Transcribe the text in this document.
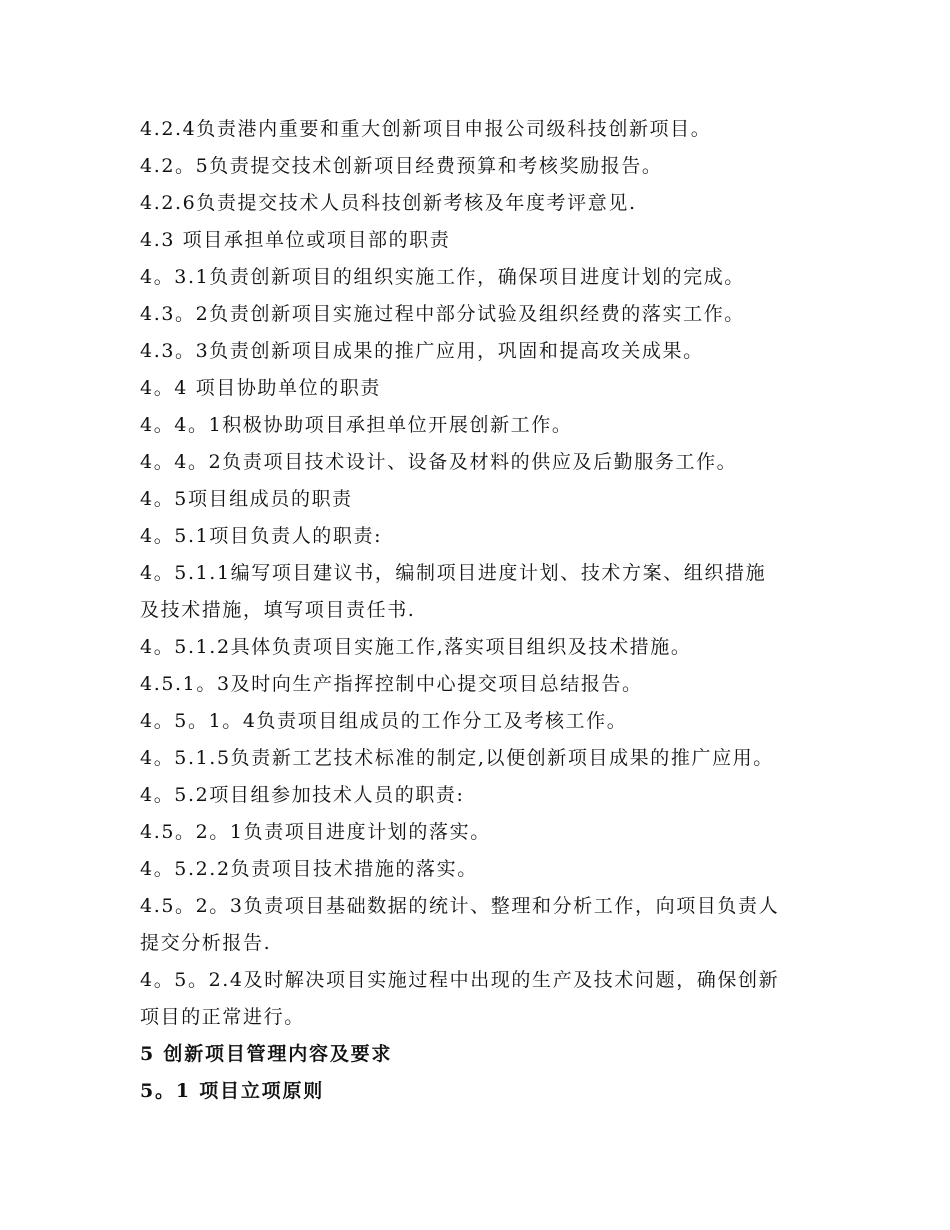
4.2.4负责港内重要和重大创新项目申报公司级科技创新项目。
4.2。5负责提交技术创新项目经费预算和考核奖励报告。
4.2.6负责提交技术人员科技创新考核及年度考评意见.
4.3 项目承担单位或项目部的职责
4。3.1负责创新项目的组织实施工作，确保项目进度计划的完成。
4.3。2负责创新项目实施过程中部分试验及组织经费的落实工作。
4.3。3负责创新项目成果的推广应用，巩固和提高攻关成果。
4。4 项目协助单位的职责
4。4。1积极协助项目承担单位开展创新工作。
4。4。2负责项目技术设计、设备及材料的供应及后勤服务工作。
4。5项目组成员的职责
4。5.1项目负责人的职责:
4。5.1.1编写项目建议书，编制项目进度计划、技术方案、组织措施
及技术措施，填写项目责任书.
4。5.1.2具体负责项目实施工作,落实项目组织及技术措施。
4.5.1。3及时向生产指挥控制中心提交项目总结报告。
4。5。1。4负责项目组成员的工作分工及考核工作。
4。5.1.5负责新工艺技术标准的制定,以便创新项目成果的推广应用。
4。5.2项目组参加技术人员的职责:
4.5。2。1负责项目进度计划的落实。
4。5.2.2负责项目技术措施的落实。
4.5。2。3负责项目基础数据的统计、整理和分析工作，向项目负责人
提交分析报告.
4。5。2.4及时解决项目实施过程中出现的生产及技术问题，确保创新
项目的正常进行。
5 创新项目管理内容及要求
5。1 项目立项原则
